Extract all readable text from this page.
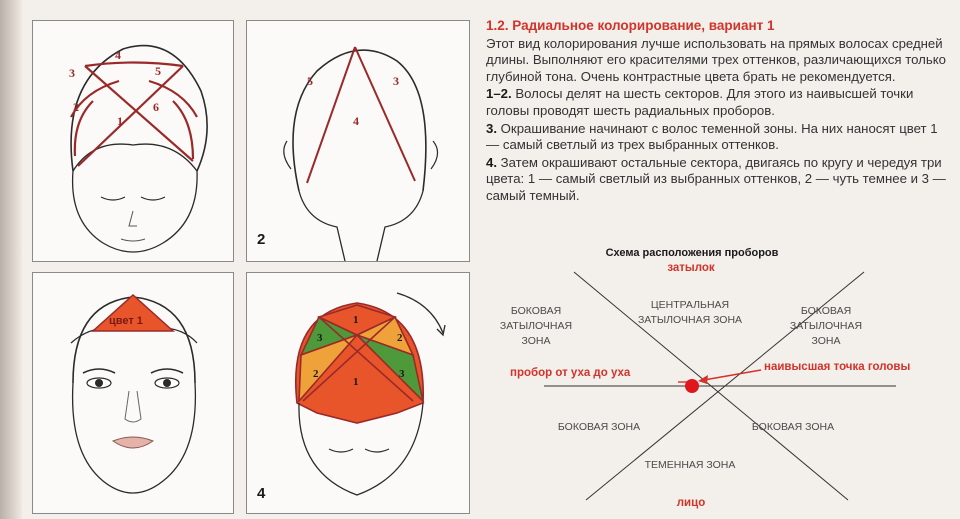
1
2
3
4
5
6
3
4
5
2
цвет 1	1
1
2
2
3
3
4
1.2. Радиальное колорирование, вариант 1

Этот вид колорирования лучше использовать на прямых волосах средней длины. Выполняют его красителями трех оттенков, различающихся только глубиной тона. Очень контрастные цвета брать не рекомендуется.

1–2. Волосы делят на шесть секторов. Для этого из наивысшей точки головы проводят шесть радиальных проборов.

3. Окрашивание начинают с волос теменной зоны. На них наносят цвет 1 — самый светлый из трех выбранных оттенков.

4. Затем окрашивают остальные сектора, двигаясь по кругу и чередуя три цвета: 1 — самый светлый из выбранных оттенков, 2 — чуть темнее и 3 — самый темный.

Схема расположения проборов
затылок
БОКОВАЯ ЗАТЫЛОЧНАЯ ЗОНА
ЦЕНТРАЛЬНАЯ ЗАТЫЛОЧНАЯ ЗОНА
БОКОВАЯ ЗАТЫЛОЧНАЯ ЗОНА
пробор от уха до уха	наивысшая точка головы
БОКОВАЯ ЗОНА	БОКОВАЯ ЗОНА
ТЕМЕННАЯ ЗОНА
лицо
